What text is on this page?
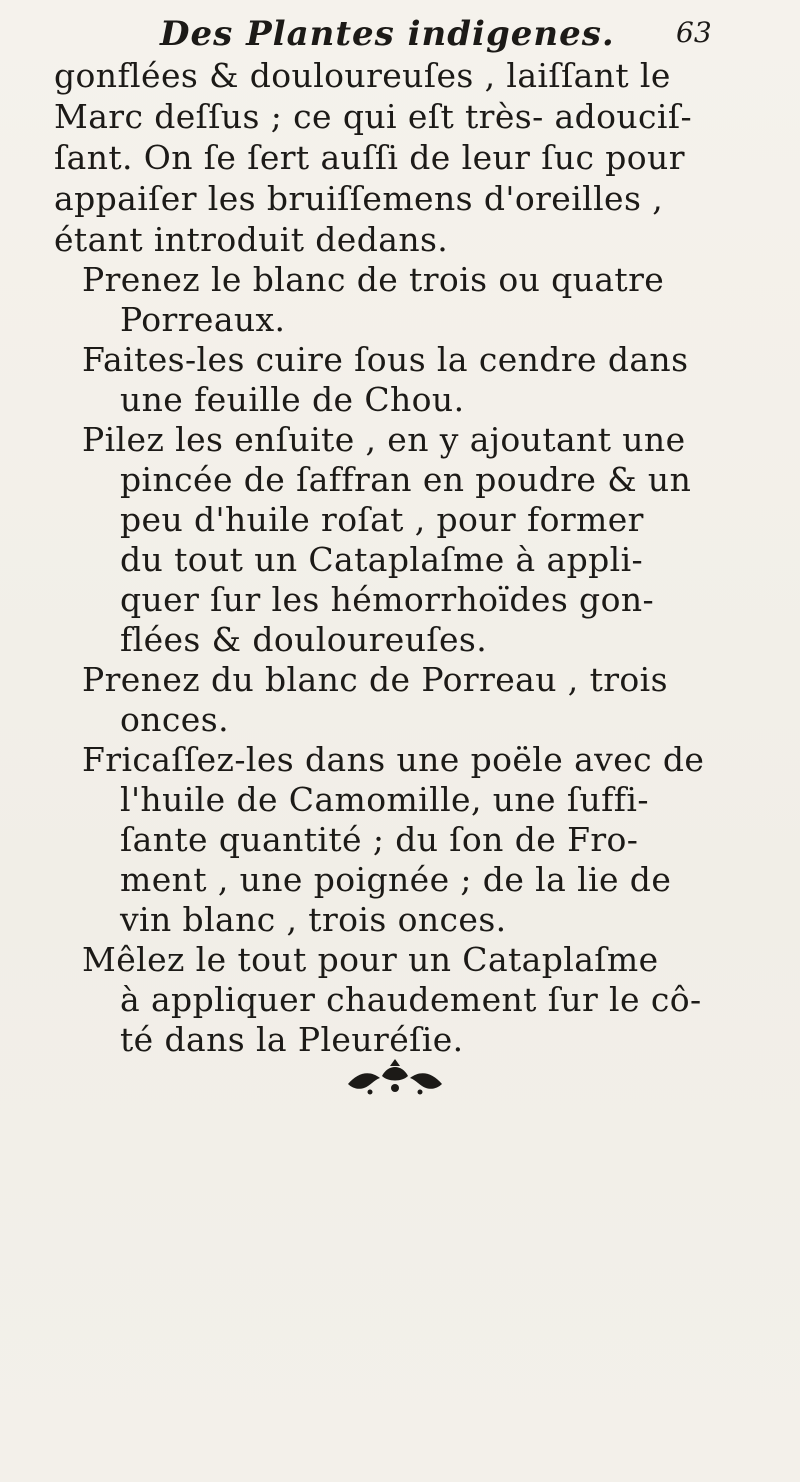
Des Plantes indigenes. 63
gonflées & douloureuſes , laiſſant le
Marc deſſus ; ce qui eſt très- adouciſ-
ſant. On ſe ſert auſſi de leur ſuc pour
appaiſer les bruiſſemens d'oreilles ,
étant introduit dedans.
Prenez le blanc de trois ou quatre
Porreaux.
Faites-les cuire ſous la cendre dans
une feuille de Chou.
Pilez les enſuite , en y ajoutant une
pincée de ſaffran en poudre & un
peu d'huile roſat , pour former
du tout un Cataplaſme à appli-
quer ſur les hémorrhoïdes gon-
flées & douloureuſes.
Prenez du blanc de Porreau , trois
onces.
Fricaſſez-les dans une poële avec de
l'huile de Camomille, une ſuffi-
ſante quantité ; du ſon de Fro-
ment , une poignée ; de la lie de
vin blanc , trois onces.
Mêlez le tout pour un Cataplaſme
à appliquer chaudement ſur le cô-
té dans la Pleuréſie.
